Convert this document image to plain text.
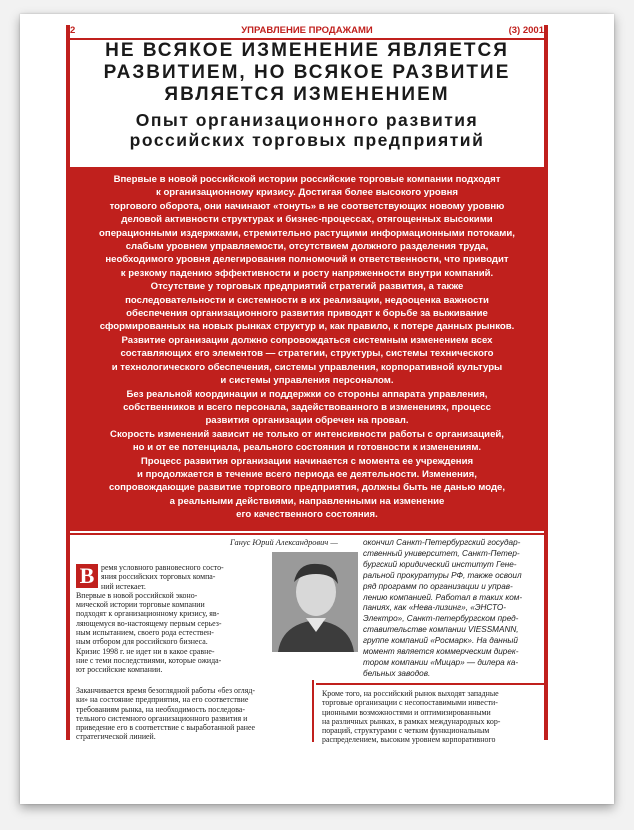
2	УПРАВЛЕНИЕ ПРОДАЖАМИ	(3) 2001
НЕ ВСЯКОЕ ИЗМЕНЕНИЕ ЯВЛЯЕТСЯ
РАЗВИТИЕМ, НО ВСЯКОЕ РАЗВИТИЕ
ЯВЛЯЕТСЯ ИЗМЕНЕНИЕМ
Опыт организационного развития
российских торговых предприятий

Впервые в новой российской истории российские торговые компании подходят

к организационному кризису. Достигая более высокого уровня

торгового оборота, они начинают «тонуть» в не соответствующих новому уровню

деловой активности структурах и бизнес-процессах, отягощенных высокими

операционными издержками, стремительно растущими информационными потоками,

слабым уровнем управляемости, отсутствием должного разделения труда,

необходимого уровня делегирования полномочий и ответственности, что приводит

к резкому падению эффективности и росту напряженности внутри компаний.

Отсутствие у торговых предприятий стратегий развития, а также

последовательности и системности в их реализации, недооценка важности

обеспечения организационного развития приводят к борьбе за выживание

сформированных на новых рынках структур и, как правило, к потере данных рынков.

Развитие организации должно сопровождаться системным изменением всех

составляющих его элементов — стратегии, структуры, системы технического

и технологического обеспечения, системы управления, корпоративной культуры

и системы управления персоналом.

Без реальной координации и поддержки со стороны аппарата управления,

собственников и всего персонала, задействованного в изменениях, процесс

развития организации обречен на провал.

Скорость изменений зависит не только от интенсивности работы с организацией,

но и от ее потенциала, реального состояния и готовности к изменениям.

Процесс развития организации начинается с момента ее учреждения

и продолжается в течение всего периода ее деятельности. Изменения,

сопровождающие развитие торгового предприятия, должны быть не данью моде,

а реальными действиями, направленными на изменение

его качественного состояния.

Ганус Юрий Александрович —	окончил Санкт-Петербургский государ-
ственный университет, Санкт-Петер-
бургский юридический институт Гене-
ральной прокуратуры РФ, также освоил
ряд программ по организации и управ-
лению компанией. Работал в таких ком-
паниях, как «Нева-лизинг», «ЭНСТО-
Электро», Санкт-петербургском пред-
ставительстве компании VIESSMANN,
группе компаний «Росмарк». На данный
момент является коммерческим дирек-
тором компании «Мицар» — дилера ка-
бельных заводов.
В ремя условного равновесного состо-
яния российских торговых компа-
ний истекает.
Впервые в новой российской эконо-
мической истории торговые компании
подходят к организационному кризису, яв-
ляющемуся во-настоящему первым серьез-
ным испытанием, своего рода естествен-
ным отбором для российского бизнеса.
Кризис 1998 г. не идет ни в какое сравне-
ние с теми последствиями, которые ожида-
ют российские компании.
Заканчивается время безоглядной работы «без огляд-
ки» на состояние предприятия, на его соответствие
требованиям рынка, на необходимость последова-
тельного системного организационного развития и
приведение его в соответствие с выработанной ранее
стратегической линией.
Кроме того, на российский рынок выходят западные
торговые организации с несопоставимыми инвести-
ционными возможностями и оптимизированными
на различных рынках, в рамках международных кор-
пораций, структурами с четким функциональным
распределением, высоким уровнем корпоративного
